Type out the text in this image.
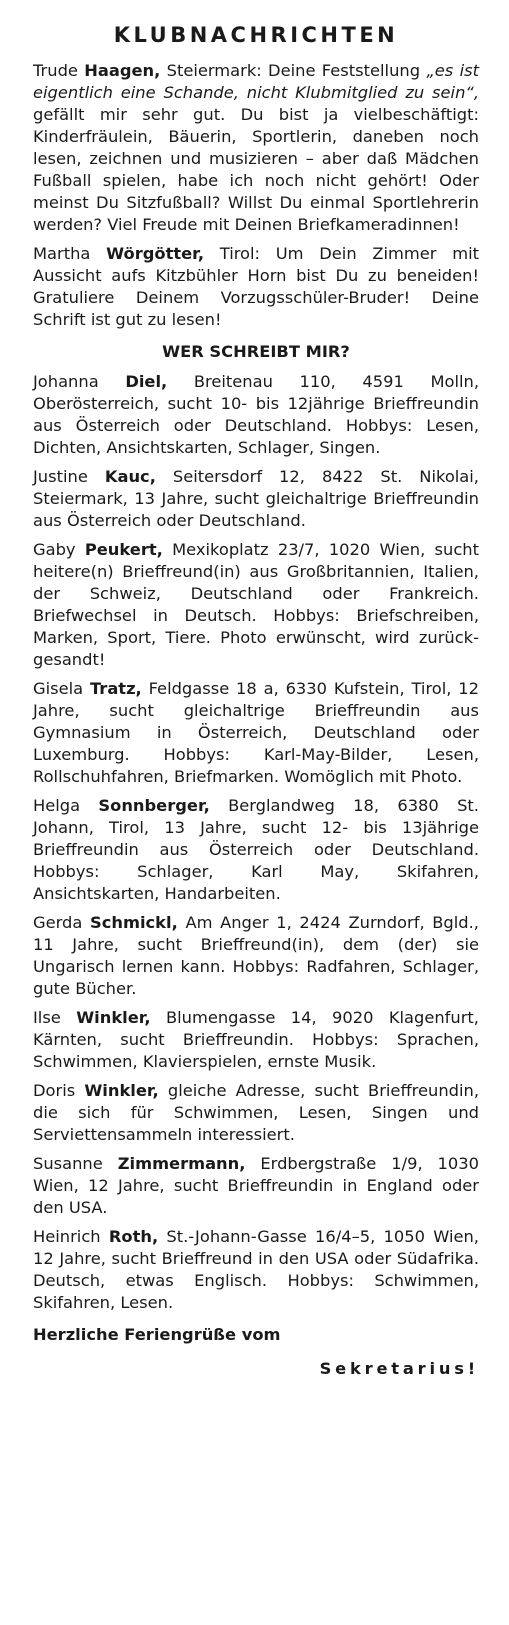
KLUBNACHRICHTEN

Trude Haagen, Steiermark: Deine Feststellung „es ist eigentlich eine Schande, nicht Klubmitglied zu sein“, gefällt mir sehr gut. Du bist ja vielbeschäftigt: Kinderfräulein, Bäuerin, Sportlerin, daneben noch lesen, zeichnen und musizieren – aber daß Mädchen Fußball spielen, habe ich noch nicht gehört! Oder meinst Du Sitzfußball? Willst Du einmal Sportlehrerin werden? Viel Freude mit Deinen Briefkameradinnen!

Martha Wörgötter, Tirol: Um Dein Zimmer mit Aussicht aufs Kitzbühler Horn bist Du zu beneiden! Gratuliere Deinem Vorzugsschüler-Bruder! Deine Schrift ist gut zu lesen!

WER SCHREIBT MIR?

Johanna Diel, Breitenau 110, 4591 Molln, Oberösterreich, sucht 10- bis 12jährige Brieffreundin aus Österreich oder Deutschland. Hobbys: Lesen, Dichten, Ansichtskarten, Schlager, Singen.

Justine Kauc, Seitersdorf 12, 8422 St. Nikolai, Steiermark, 13 Jahre, sucht gleichaltrige Brieffreundin aus Österreich oder Deutschland.

Gaby Peukert, Mexikoplatz 23/7, 1020 Wien, sucht heitere(n) Brieffreund(in) aus Großbritannien, Italien, der Schweiz, Deutschland oder Frankreich. Briefwechsel in Deutsch. Hobbys: Briefschreiben, Marken, Sport, Tiere. Photo erwünscht, wird zurückgesandt!

Gisela Tratz, Feldgasse 18 a, 6330 Kufstein, Tirol, 12 Jahre, sucht gleichaltrige Brieffreundin aus Gymnasium in Österreich, Deutschland oder Luxemburg. Hobbys: Karl-May-Bilder, Lesen, Rollschuhfahren, Briefmarken. Womöglich mit Photo.

Helga Sonnberger, Berglandweg 18, 6380 St. Johann, Tirol, 13 Jahre, sucht 12- bis 13jährige Brieffreundin aus Österreich oder Deutschland. Hobbys: Schlager, Karl May, Skifahren, Ansichtskarten, Handarbeiten.

Gerda Schmickl, Am Anger 1, 2424 Zurndorf, Bgld., 11 Jahre, sucht Brieffreund(in), dem (der) sie Ungarisch lernen kann. Hobbys: Radfahren, Schlager, gute Bücher.

Ilse Winkler, Blumengasse 14, 9020 Klagenfurt, Kärnten, sucht Brieffreundin. Hobbys: Sprachen, Schwimmen, Klavierspielen, ernste Musik.

Doris Winkler, gleiche Adresse, sucht Brieffreundin, die sich für Schwimmen, Lesen, Singen und Serviettensammeln interessiert.

Susanne Zimmermann, Erdbergstraße 1/9, 1030 Wien, 12 Jahre, sucht Brieffreundin in England oder den USA.

Heinrich Roth, St.-Johann-Gasse 16/4–5, 1050 Wien, 12 Jahre, sucht Brieffreund in den USA oder Südafrika. Deutsch, etwas Englisch. Hobbys: Schwimmen, Skifahren, Lesen.

Herzliche Feriengrüße vom

Sekretarius!
